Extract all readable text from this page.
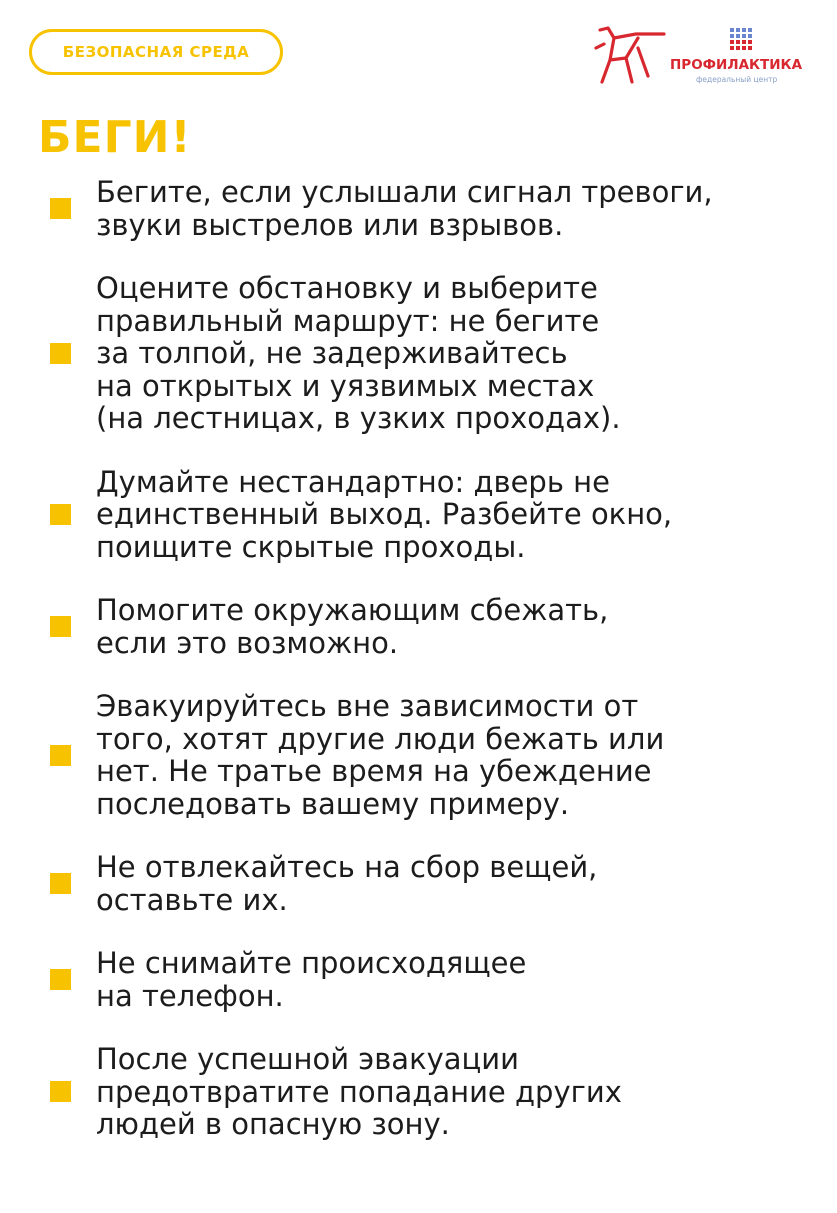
БЕЗОПАСНАЯ СРЕДА
ПРОФИЛАКТИКА
федеральный центр
БЕГИ!
Бегите, если услышали сигнал тревоги,
звуки выстрелов или взрывов.
Оцените обстановку и выберите
правильный маршрут: не бегите
за толпой, не задерживайтесь
на открытых и уязвимых местах
(на лестницах, в узких проходах).
Думайте нестандартно: дверь не
единственный выход. Разбейте окно,
поищите скрытые проходы.
Помогите окружающим сбежать,
если это возможно.
Эвакуируйтесь вне зависимости от
того, хотят другие люди бежать или
нет. Не тратье время на убеждение
последовать вашему примеру.
Не отвлекайтесь на сбор вещей,
оставьте их.
Не снимайте происходящее
на телефон.
После успешной эвакуации
предотвратите попадание других
людей в опасную зону.
